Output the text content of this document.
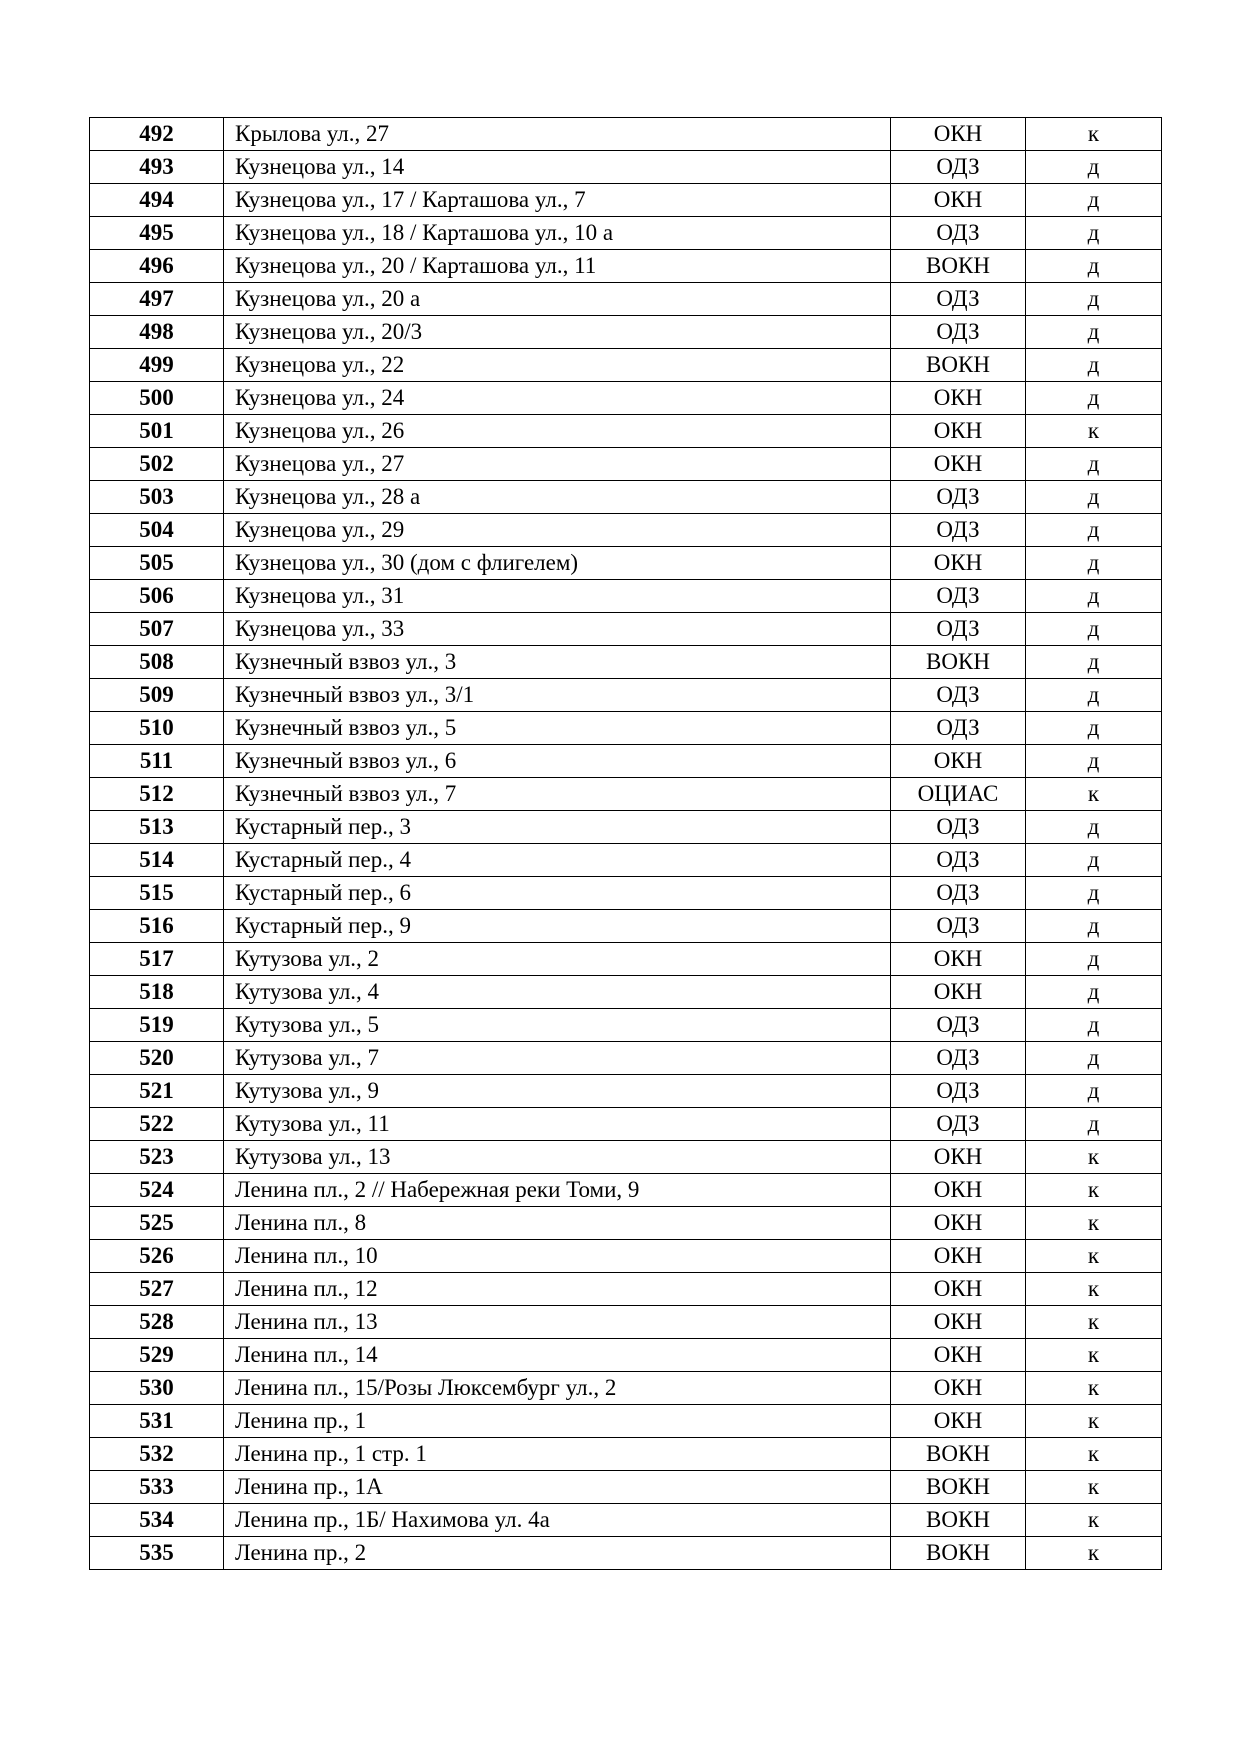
492	Крылова ул., 27	ОКН	к
493	Кузнецова ул., 14	ОДЗ	д
494	Кузнецова ул., 17 / Карташова ул., 7	ОКН	д
495	Кузнецова ул., 18 / Карташова ул., 10 а	ОДЗ	д
496	Кузнецова ул., 20 / Карташова ул., 11	ВОКН	д
497	Кузнецова ул., 20 а	ОДЗ	д
498	Кузнецова ул., 20/3	ОДЗ	д
499	Кузнецова ул., 22	ВОКН	д
500	Кузнецова ул., 24	ОКН	д
501	Кузнецова ул., 26	ОКН	к
502	Кузнецова ул., 27	ОКН	д
503	Кузнецова ул., 28 а	ОДЗ	д
504	Кузнецова ул., 29	ОДЗ	д
505	Кузнецова ул., 30 (дом с флигелем)	ОКН	д
506	Кузнецова ул., 31	ОДЗ	д
507	Кузнецова ул., 33	ОДЗ	д
508	Кузнечный взвоз ул., 3	ВОКН	д
509	Кузнечный взвоз ул., 3/1	ОДЗ	д
510	Кузнечный взвоз ул., 5	ОДЗ	д
511	Кузнечный взвоз ул., 6	ОКН	д
512	Кузнечный взвоз ул., 7	ОЦИАС	к
513	Кустарный пер., 3	ОДЗ	д
514	Кустарный пер., 4	ОДЗ	д
515	Кустарный пер., 6	ОДЗ	д
516	Кустарный пер., 9	ОДЗ	д
517	Кутузова ул., 2	ОКН	д
518	Кутузова ул., 4	ОКН	д
519	Кутузова ул., 5	ОДЗ	д
520	Кутузова ул., 7	ОДЗ	д
521	Кутузова ул., 9	ОДЗ	д
522	Кутузова ул., 11	ОДЗ	д
523	Кутузова ул., 13	ОКН	к
524	Ленина пл., 2 // Набережная реки Томи, 9	ОКН	к
525	Ленина пл., 8	ОКН	к
526	Ленина пл., 10	ОКН	к
527	Ленина пл., 12	ОКН	к
528	Ленина пл., 13	ОКН	к
529	Ленина пл., 14	ОКН	к
530	Ленина пл., 15/Розы Люксембург ул., 2	ОКН	к
531	Ленина пр., 1	ОКН	к
532	Ленина пр., 1 стр. 1	ВОКН	к
533	Ленина пр., 1А	ВОКН	к
534	Ленина пр., 1Б/ Нахимова ул. 4а	ВОКН	к
535	Ленина пр., 2	ВОКН	к
